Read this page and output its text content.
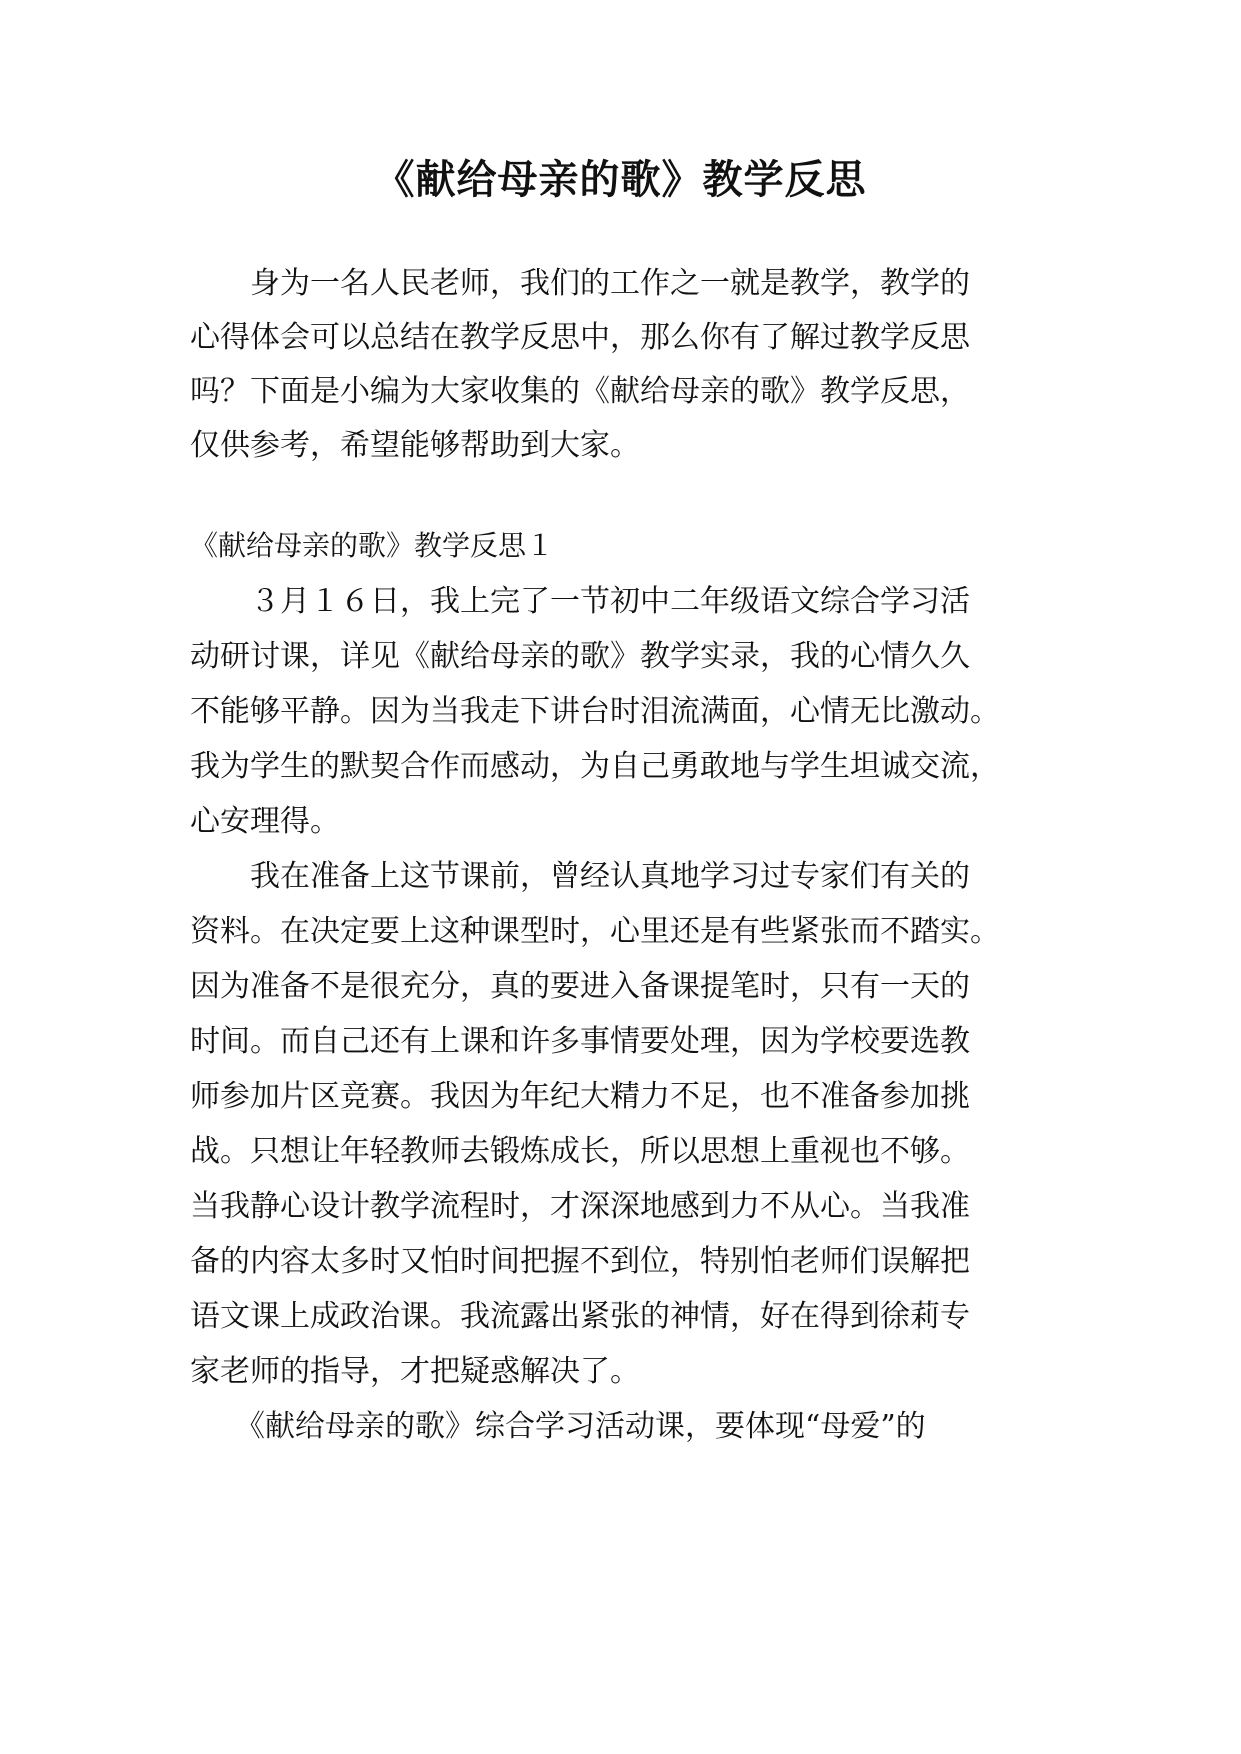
《献给母亲的歌》教学反思

　　身为一名人民老师，我们的工作之一就是教学，教学的

心得体会可以总结在教学反思中，那么你有了解过教学反思

吗？下面是小编为大家收集的《献给母亲的歌》教学反思，

仅供参考，希望能够帮助到大家。

《献给母亲的歌》教学反思１

　　３月１６日，我上完了一节初中二年级语文综合学习活

动研讨课，详见《献给母亲的歌》教学实录，我的心情久久

不能够平静。因为当我走下讲台时泪流满面，心情无比激动。

我为学生的默契合作而感动，为自己勇敢地与学生坦诚交流，

心安理得。

　　我在准备上这节课前，曾经认真地学习过专家们有关的

资料。在决定要上这种课型时，心里还是有些紧张而不踏实。

因为准备不是很充分，真的要进入备课提笔时，只有一天的

时间。而自己还有上课和许多事情要处理，因为学校要选教

师参加片区竞赛。我因为年纪大精力不足，也不准备参加挑

战。只想让年轻教师去锻炼成长，所以思想上重视也不够。

当我静心设计教学流程时，才深深地感到力不从心。当我准

备的内容太多时又怕时间把握不到位，特别怕老师们误解把

语文课上成政治课。我流露出紧张的神情，好在得到徐莉专

家老师的指导，才把疑惑解决了。

　　《献给母亲的歌》综合学习活动课，要体现“母爱”的
